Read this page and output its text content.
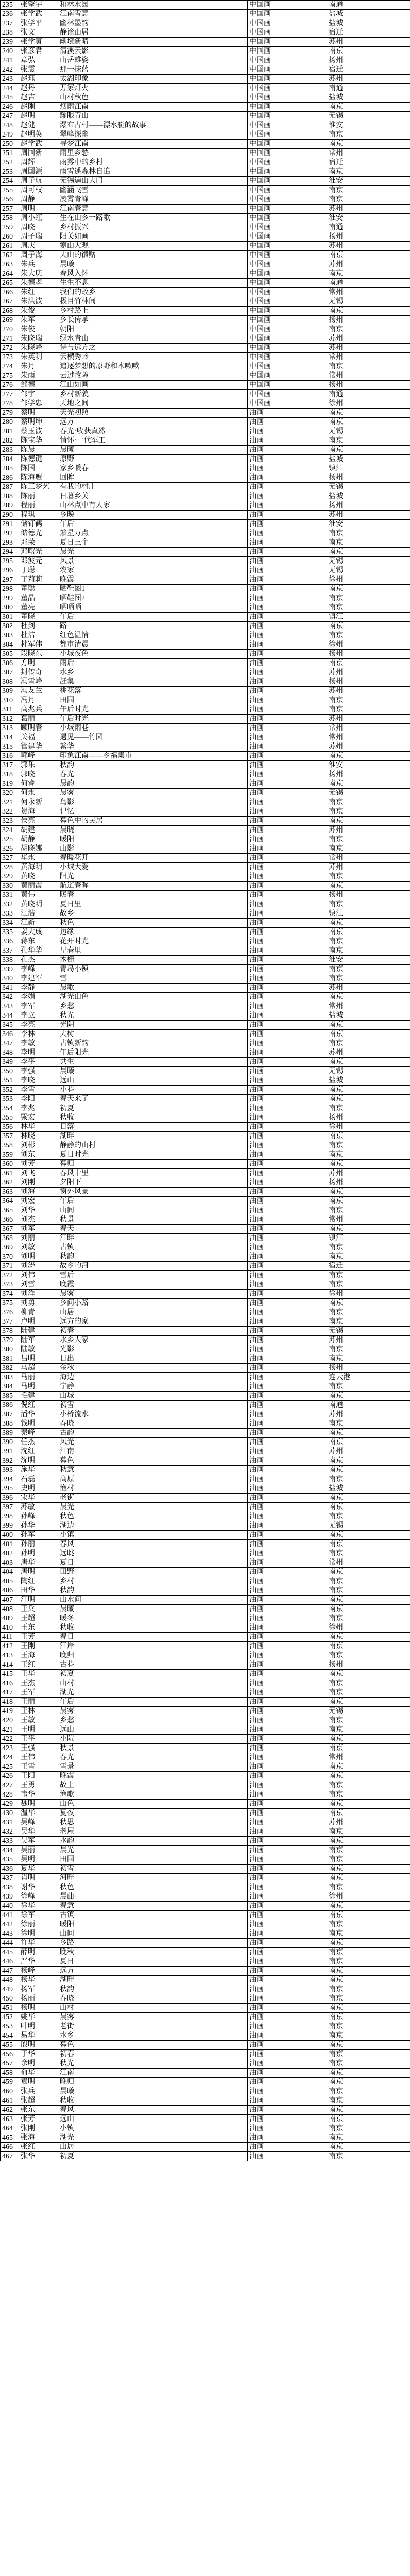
235	张擎宇	和林水园	中国画	南通
236	张学武	江南雪意	中国画	盐城
237	张学平	幽林墨韵	中国画	盐城
238	张文	静谧山居	中国画	宿迁
239	张学寅	幽境新晴	中国画	苏州
240	张彦君	清溪云影	中国画	南京
241	章弘	山岳雄姿	中国画	扬州
242	张震	那一抹蓝	中国画	宿迁
243	赵珏	太湖印象	中国画	苏州
244	赵丹	万家灯火	中国画	南通
245	赵吉	山村秋色	中国画	盐城
246	赵刚	烟雨江南	中国画	南京
247	赵明	耀眼青山	中国画	无锡
248	赵健	瀑布古村——漂水艇的故事	中国画	淮安
249	赵明英	翠峰探幽	中国画	南京
250	赵学武	寻梦江南	中国画	南京
251	周国新	雨里乡愁	中国画	常州
252	周辉	雨雾中的乡村	中国画	宿迁
253	周国源	雨雪遥森林自追	中国画	南京
254	周子航	无锡遍山大门	中国画	淮安
255	周可权	幽涵飞雪	中国画	南京
256	周静	凌霄青峰	中国画	南京
257	周明	江南春意	中国画	苏州
258	周小红	生在山乡一路歌	中国画	淮安
259	周晓	乡村振兴	中国画	南通
260	周子瑞	阳关如画	中国画	扬州
261	周庆	寒山大观	中国画	苏州
262	周子海	大山的馈赠	中国画	南京
263	朱兵	晨曦	中国画	苏州
264	朱大庆	春风入怀	中国画	南京
265	朱德孝	生生不息	中国画	南通
266	朱红	我们的故乡	中国画	常州
267	朱洪波	极目竹林间	中国画	无锡
268	朱俊	乡村路上	中国画	南京
269	朱军	乡长传承	中国画	扬州
270	朱俊	朝阳	中国画	南京
271	朱晓瑞	绿水青山	中国画	苏州
272	朱晓峰	诗与远方之	中国画	苏州
273	朱英明	云横秀岭	中国画	常州
274	朱月	追逐梦想的原野和木嗽嗽	中国画	南京
275	朱雨	云过故障	中国画	常州
276	邹德	江山如画	中国画	扬州
277	邹宇	乡村新貌	中国画	南通
278	邹学忠	天地之间	中国画	徐州
279	蔡明	天光初照	油画	南京
280	蔡明坤	远方	油画	南京
281	蔡玉波	春光·收获真然	油画	无锡
282	陈宝华	情怀·一代军工	油画	南京
283	陈晨	晨曦	油画	南京
284	陈德键	原野	油画	盐城
285	陈国	家乡暖春	油画	镇江
286	陈海鹰	回眸	油画	扬州
287	陈三梦艺	有我的村庄	油画	无锡
288	陈丽	日暮乡关	油画	盐城
289	程丽	山林点中有人家	油画	扬州
290	程琪	乡晚	油画	苏州
291	储钉鹤	午后	油画	淮安
292	储德光	繁星万点	油画	南京
293	邓荣	夏日三个	油画	南京
294	邓曙光	晨光	油画	南京
295	邓波元	风景	油画	无锡
296	丁聪	农家	油画	无锡
297	丁莉莉	晚霞	油画	徐州
298	董聪	晒鞋图1	油画	南京
299	董晶	晒鞋图2	油画	南京
300	董亮	晒晒晒	油画	南京
301	董晓	午后	油画	镇江
302	杜剑	路	油画	南京
303	杜洁	红色温情	油画	南京
304	杜军伟	都市清晨	油画	徐州
305	段晓东	小城夜色	油画	扬州
306	方明	雨后	油画	南京
307	封传奇	水乡	油画	苏州
308	冯雪峰	赶集	油画	扬州
309	冯友兰	桃花落	油画	苏州
310	冯月	田园	油画	南京
311	高兆兵	午后时光	油画	南京
312	葛丽	午后时光	油画	苏州
313	顾明春	小城雨巷	油画	常州
314	关福	遇见——竹园	油画	常州
315	管建华	繁华	油画	苏州
316	郭峰	印象江南——乡福集市	油画	南京
317	郭乐	秋韵	油画	淮安
318	郭晓	春光	油画	扬州
319	何睿	晨韵	油画	南京
320	何永	晨雾	油画	无锡
321	何永新	鸟影	油画	南京
322	贺海	记忆	油画	南京
323	侯亮	暮色中的民居	油画	南京
324	胡建	晨晓	油画	苏州
325	胡静	暖阳	油画	南京
326	胡晓娜	山影	油画	南京
327	华永	春暖花开	油画	常州
328	黄海明	小城大爱	油画	苏州
329	黄晓	阳光	油画	南京
330	黄丽霞	航道春晖	油画	南京
331	黄伟	暖春	油画	扬州
332	黄晓明	夏日里	油画	南京
333	江浩	故乡	油画	镇江
334	江新	秋色	油画	南京
335	姜大成	边缘	油画	南京
336	蒋东	花开时光	油画	南京
337	孔华华	早春里	油画	南京
338	孔杰	木栅	油画	淮安
339	李峰	青岛小镇	油画	南京
340	李建军	雪	油画	南京
341	李静	晨歌	油画	苏州
342	李娟	湖光山色	油画	南京
343	李军	乡愁	油画	常州
344	李立	秋光	油画	盐城
345	李亮	光阴	油画	南京
346	李林	大树	油画	南京
347	李敏	古镇新韵	油画	南京
348	李明	午后阳光	油画	苏州
349	李平	共生	油画	南京
350	李强	晨曦	油画	无锡
351	李晓	远山	油画	盐城
352	李雪	小巷	油画	南京
353	李阳	春天来了	油画	南京
354	李兆	初夏	油画	南京
355	梁宏	秋收	油画	扬州
356	林华	日落	油画	徐州
357	林晓	湖畔	油画	南京
358	刘彬	静静的山村	油画	南京
359	刘东	夏日时光	油画	南京
360	刘芳	暮归	油画	南京
361	刘飞	春风十里	油画	苏州
362	刘刚	夕阳下	油画	扬州
363	刘海	窗外风景	油画	南京
364	刘宏	午后	油画	南京
365	刘华	山间	油画	南京
366	刘杰	秋景	油画	常州
367	刘军	春天	油画	南京
368	刘丽	江畔	油画	镇江
369	刘敏	古镇	油画	南京
370	刘明	秋韵	油画	南京
371	刘涛	故乡的河	油画	宿迁
372	刘伟	雪后	油画	南京
373	刘雪	晚霞	油画	南京
374	刘洋	晨雾	油画	徐州
375	刘勇	乡间小路	油画	南京
376	柳青	山居	油画	南京
377	卢明	远方的家	油画	南京
378	陆建	初春	油画	无锡
379	陆军	水乡人家	油画	苏州
380	陆敏	光影	油画	南京
381	吕明	日出	油画	南京
382	马超	金秋	油画	扬州
383	马丽	海边	油画	连云港
384	马明	宁静	油画	南京
385	毛建	山城	油画	南京
386	倪红	初雪	油画	南通
387	潘华	小桥流水	油画	苏州
388	钱明	春晓	油画	南京
389	秦峰	古韵	油画	南京
390	任杰	风光	油画	南京
391	沈红	江南	油画	苏州
392	沈明	暮色	油画	南京
393	施华	秋意	油画	南京
394	石磊	高原	油画	南京
395	史明	渔村	油画	盐城
396	宋华	老街	油画	南京
397	苏敏	晨光	油画	南京
398	孙峰	秋色	油画	南京
399	孙华	湖边	油画	无锡
400	孙军	小镇	油画	南京
401	孙丽	春风	油画	南京
402	孙明	远眺	油画	南京
403	唐华	夏日	油画	常州
404	唐明	田野	油画	南京
405	陶红	乡村	油画	南京
406	田华	秋韵	油画	南京
407	汪明	山水间	油画	南京
408	王兵	晨曦	油画	南京
409	王超	暖冬	油画	南京
410	王东	秋收	油画	徐州
411	王芳	春日	油画	南京
412	王刚	江岸	油画	南京
413	王海	晚归	油画	南京
414	王红	古巷	油画	扬州
415	王华	初夏	油画	南京
416	王杰	山村	油画	南京
417	王军	湖光	油画	南京
418	王丽	午后	油画	南京
419	王林	晨雾	油画	无锡
420	王敏	乡愁	油画	南京
421	王明	远山	油画	南京
422	王平	小院	油画	南京
423	王强	秋景	油画	南京
424	王伟	春光	油画	常州
425	王雪	雪景	油画	南京
426	王阳	晚霞	油画	南京
427	王勇	故土	油画	南京
428	韦华	渔歌	油画	南京
429	魏明	山色	油画	南京
430	温华	夏夜	油画	南京
431	吴峰	秋思	油画	苏州
432	吴华	老屋	油画	南京
433	吴军	水韵	油画	南京
434	吴丽	晨光	油画	南京
435	吴明	田园	油画	南京
436	夏华	初雪	油画	南京
437	肖明	河畔	油画	南京
438	谢华	秋色	油画	南京
439	徐峰	晨曲	油画	徐州
440	徐华	春意	油画	南京
441	徐军	古镇	油画	南京
442	徐丽	暖阳	油画	南京
443	徐明	山间	油画	南京
444	许华	乡路	油画	南京
445	薛明	晚秋	油画	南京
446	严华	夏日	油画	南京
447	杨峰	远方	油画	南京
448	杨华	湖畔	油画	南京
449	杨军	秋韵	油画	南京
450	杨丽	春晓	油画	南京
451	杨明	山村	油画	南京
452	姚华	晨雾	油画	南京
453	叶明	老街	油画	南京
454	易华	水乡	油画	南京
455	殷明	暮色	油画	南京
456	于华	初春	油画	南京
457	余明	秋光	油画	南京
458	俞华	江南	油画	南京
459	袁明	晚归	油画	南京
460	张兵	晨曦	油画	南京
461	张超	秋收	油画	南京
462	张东	春风	油画	南京
463	张芳	远山	油画	南京
464	张刚	小镇	油画	南京
465	张海	湖光	油画	南京
466	张红	山居	油画	南京
467	张华	初夏	油画	南京
